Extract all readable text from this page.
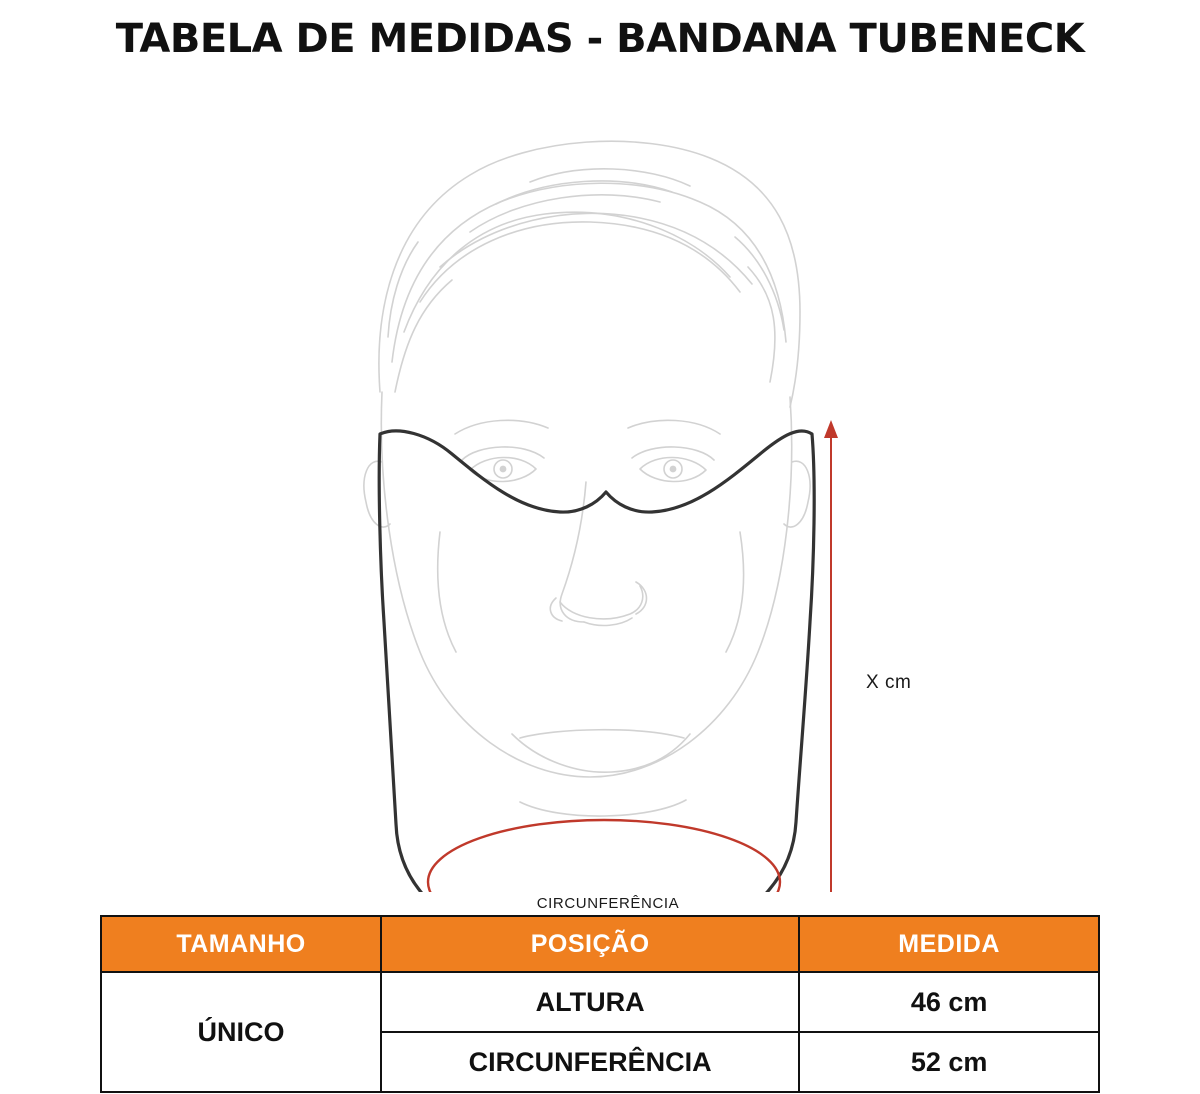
TABELA DE MEDIDAS - BANDANA TUBENECK
X cm
CIRCUNFERÊNCIA

TAMANHO	POSIÇÃO	MEDIDA
ÚNICO	ALTURA	46 cm
	CIRCUNFERÊNCIA	52 cm
